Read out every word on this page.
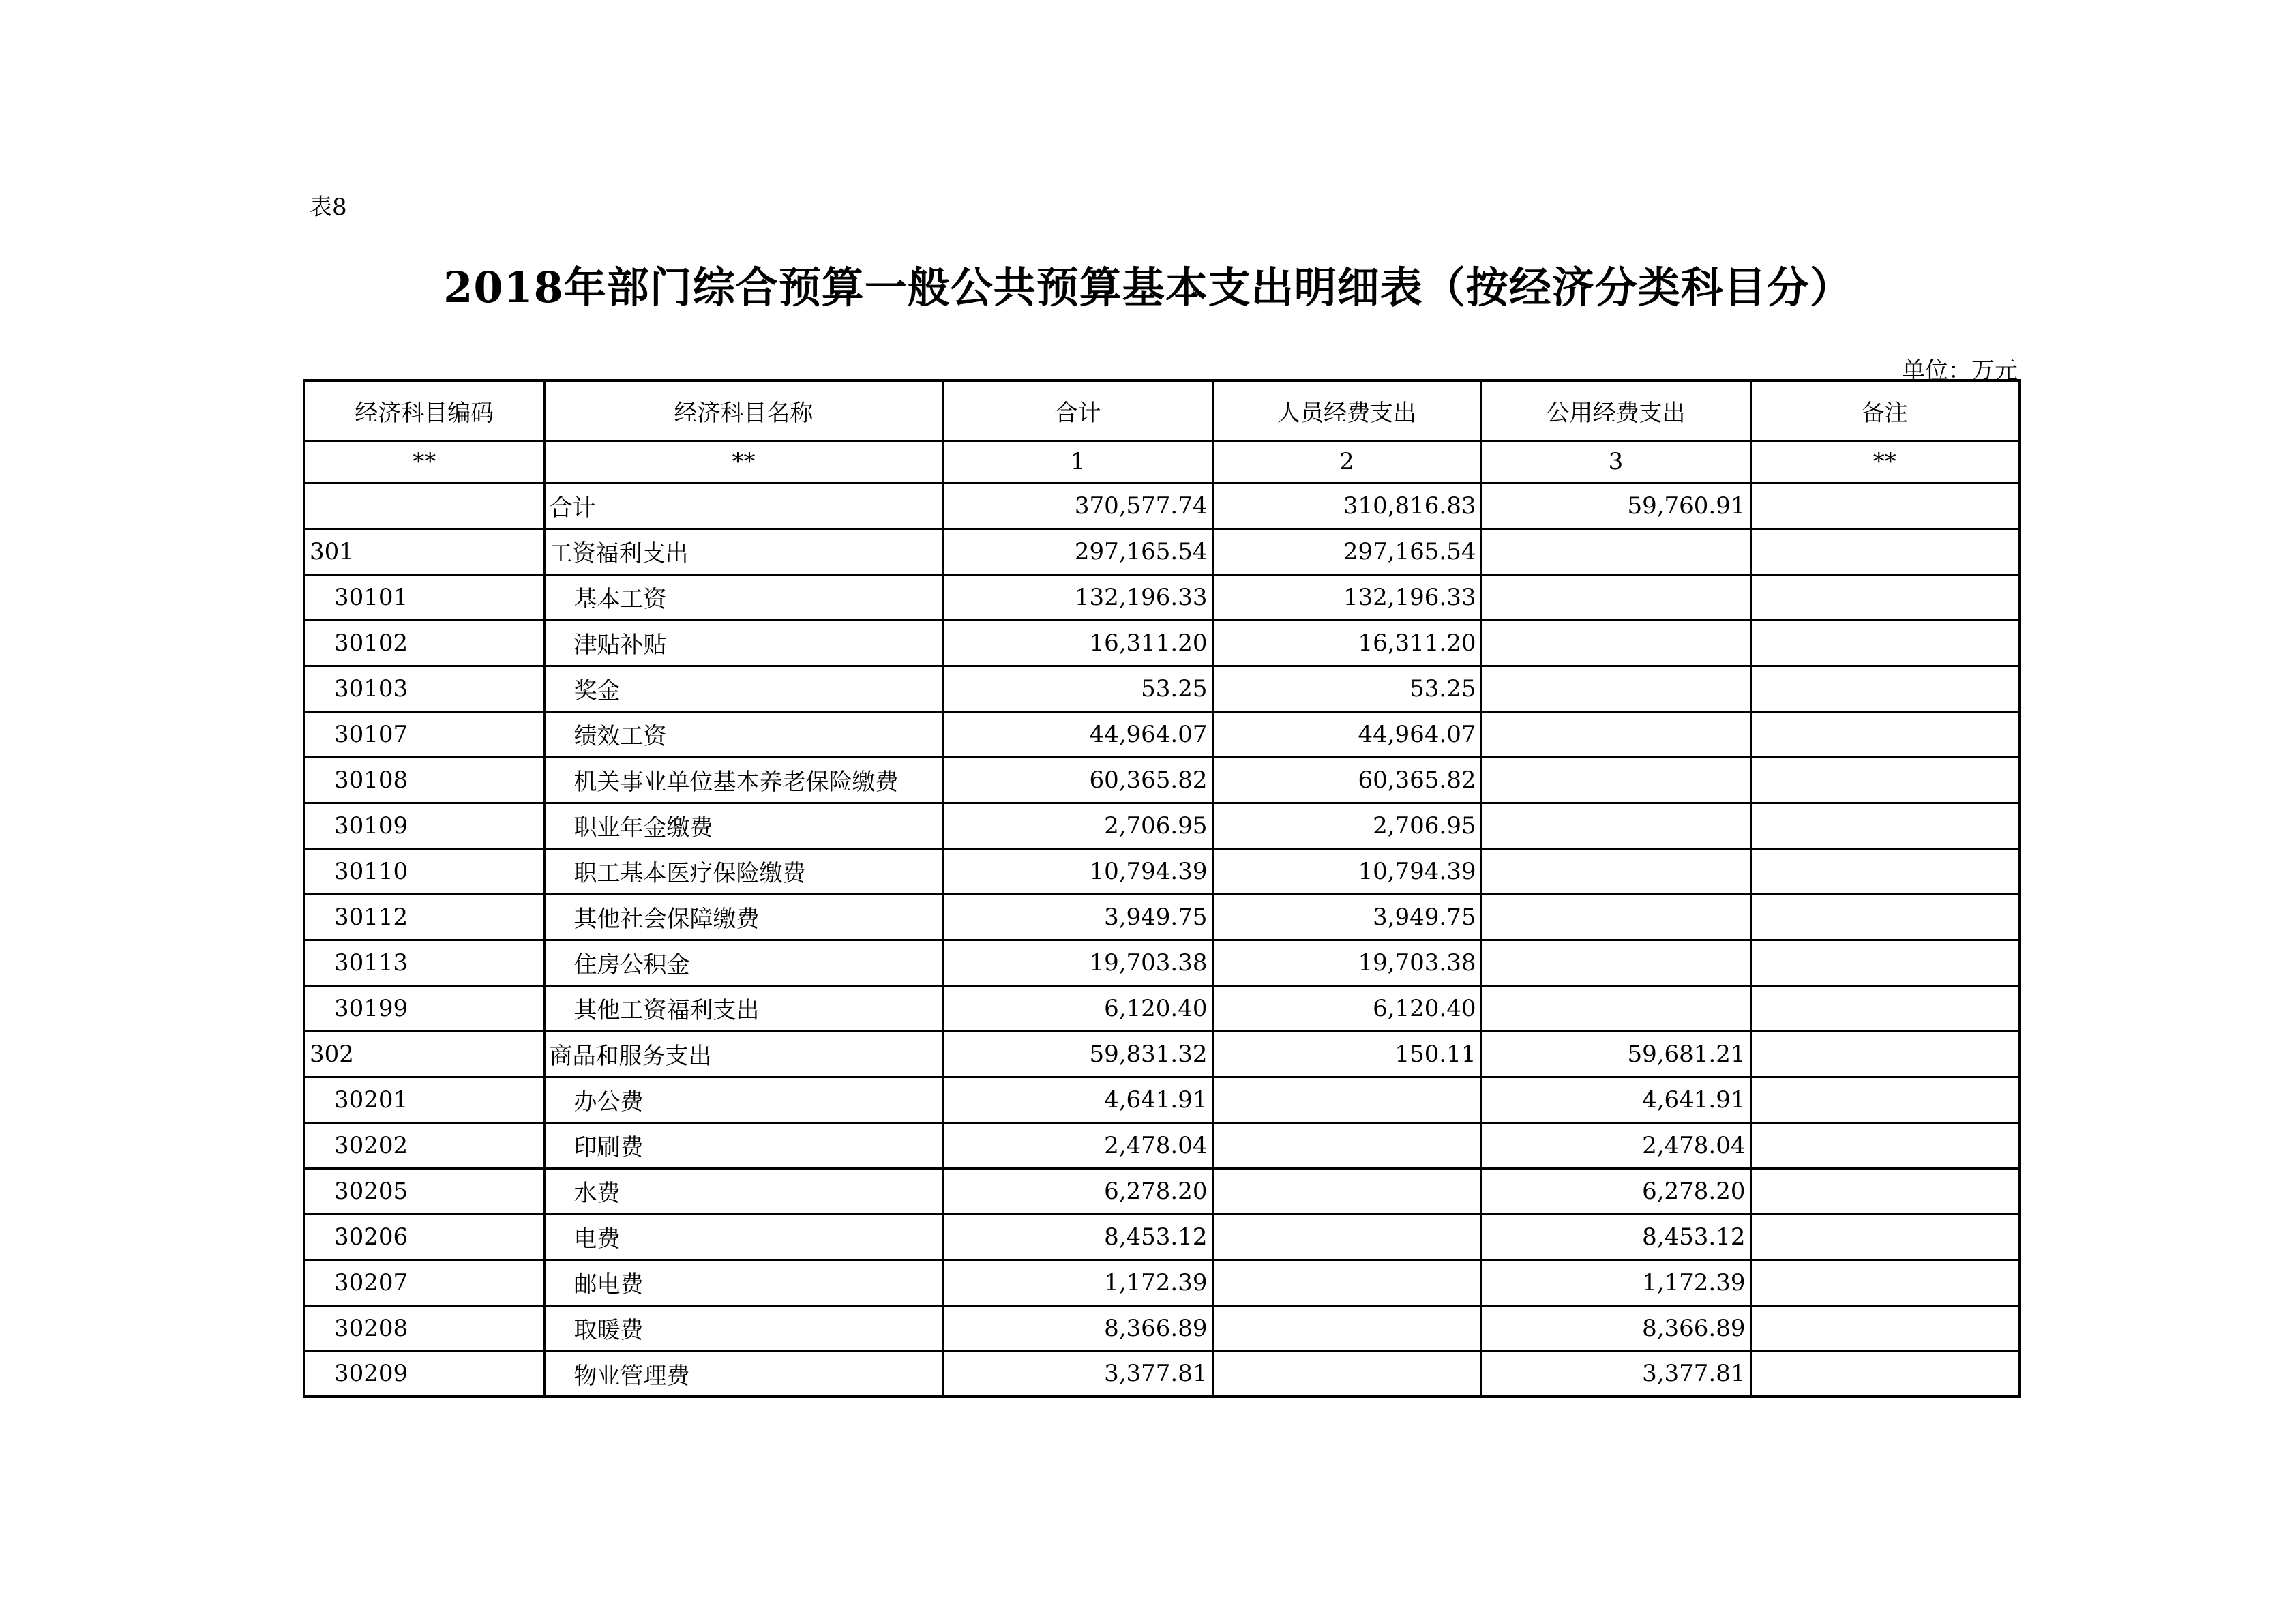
表8
2018年部门综合预算一般公共预算基本支出明细表（按经济分类科目分）
单位：万元
经济科目编码	经济科目名称	合计	人员经费支出	公用经费支出	备注
**	**	1	2	3	**
	合计	370,577.74	310,816.83	59,760.91	
301	工资福利支出	297,165.54	297,165.54		
30101	基本工资	132,196.33	132,196.33		
30102	津贴补贴	16,311.20	16,311.20		
30103	奖金	53.25	53.25		
30107	绩效工资	44,964.07	44,964.07		
30108	机关事业单位基本养老保险缴费	60,365.82	60,365.82		
30109	职业年金缴费	2,706.95	2,706.95		
30110	职工基本医疗保险缴费	10,794.39	10,794.39		
30112	其他社会保障缴费	3,949.75	3,949.75		
30113	住房公积金	19,703.38	19,703.38		
30199	其他工资福利支出	6,120.40	6,120.40		
302	商品和服务支出	59,831.32	150.11	59,681.21	
30201	办公费	4,641.91		4,641.91	
30202	印刷费	2,478.04		2,478.04	
30205	水费	6,278.20		6,278.20	
30206	电费	8,453.12		8,453.12	
30207	邮电费	1,172.39		1,172.39	
30208	取暖费	8,366.89		8,366.89	
30209	物业管理费	3,377.81		3,377.81	
